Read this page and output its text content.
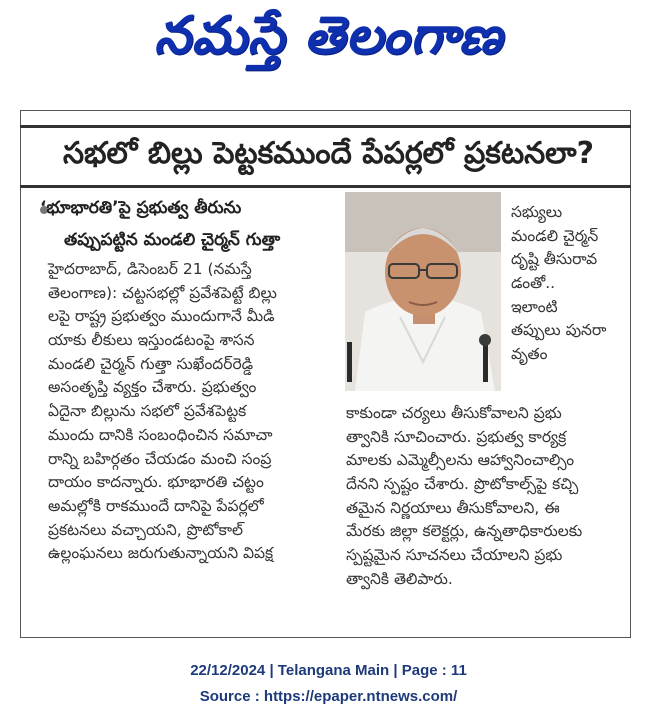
నమస్తే తెలంగాణ
సభలో బిల్లు పెట్టకముందే పేపర్లలో ప్రకటనలా?
‘భూభారతి’పై ప్రభుత్వ తీరును
తప్పుపట్టిన మండలి చైర్మన్ గుత్తా
హైదరాబాద్, డిసెంబర్ 21 (నమస్తే
తెలంగాణ): చట్టసభల్లో ప్రవేశపెట్టే బిల్లు
లపై రాష్ట్ర ప్రభుత్వం ముందుగానే మీడి
యాకు లీకులు ఇస్తుండటంపై శాసన
మండలి చైర్మన్ గుత్తా సుఖేందర్‌రెడ్డి
అసంతృప్తి వ్యక్తం చేశారు. ప్రభుత్వం
ఏదైనా బిల్లును సభలో ప్రవేశపెట్టక
ముందు దానికి సంబంధించిన సమాచా
రాన్ని బహిర్గతం చేయడం మంచి సంప్ర
దాయం కాదన్నారు. భూభారతి చట్టం
అమల్లోకి రాకముందే దానిపై పేపర్లలో
ప్రకటనలు వచ్చాయని, ప్రొటోకాల్
ఉల్లంఘనలు జరుగుతున్నాయని విపక్ష
సభ్యులు
మండలి చైర్మన్
దృష్టి తీసురావ
డంతో..
ఇలాంటి
తప్పులు పునరా
వృతం
కాకుండా చర్యలు తీసుకోవాలని ప్రభు
త్వానికి సూచించారు. ప్రభుత్వ కార్యక్ర
మాలకు ఎమ్మెల్సీలను ఆహ్వానించాల్సిం
దేనని స్పష్టం చేశారు. ప్రొటోకాల్స్‌పై కచ్చి
తమైన నిర్ణయాలు తీసుకోవాలని, ఈ
మేరకు జిల్లా కలెక్టర్లు, ఉన్నతాధికారులకు
స్పష్టమైన సూచనలు చేయాలని ప్రభు
త్వానికి తెలిపారు.
22/12/2024 | Telangana Main | Page : 11
Source : https://epaper.ntnews.com/
